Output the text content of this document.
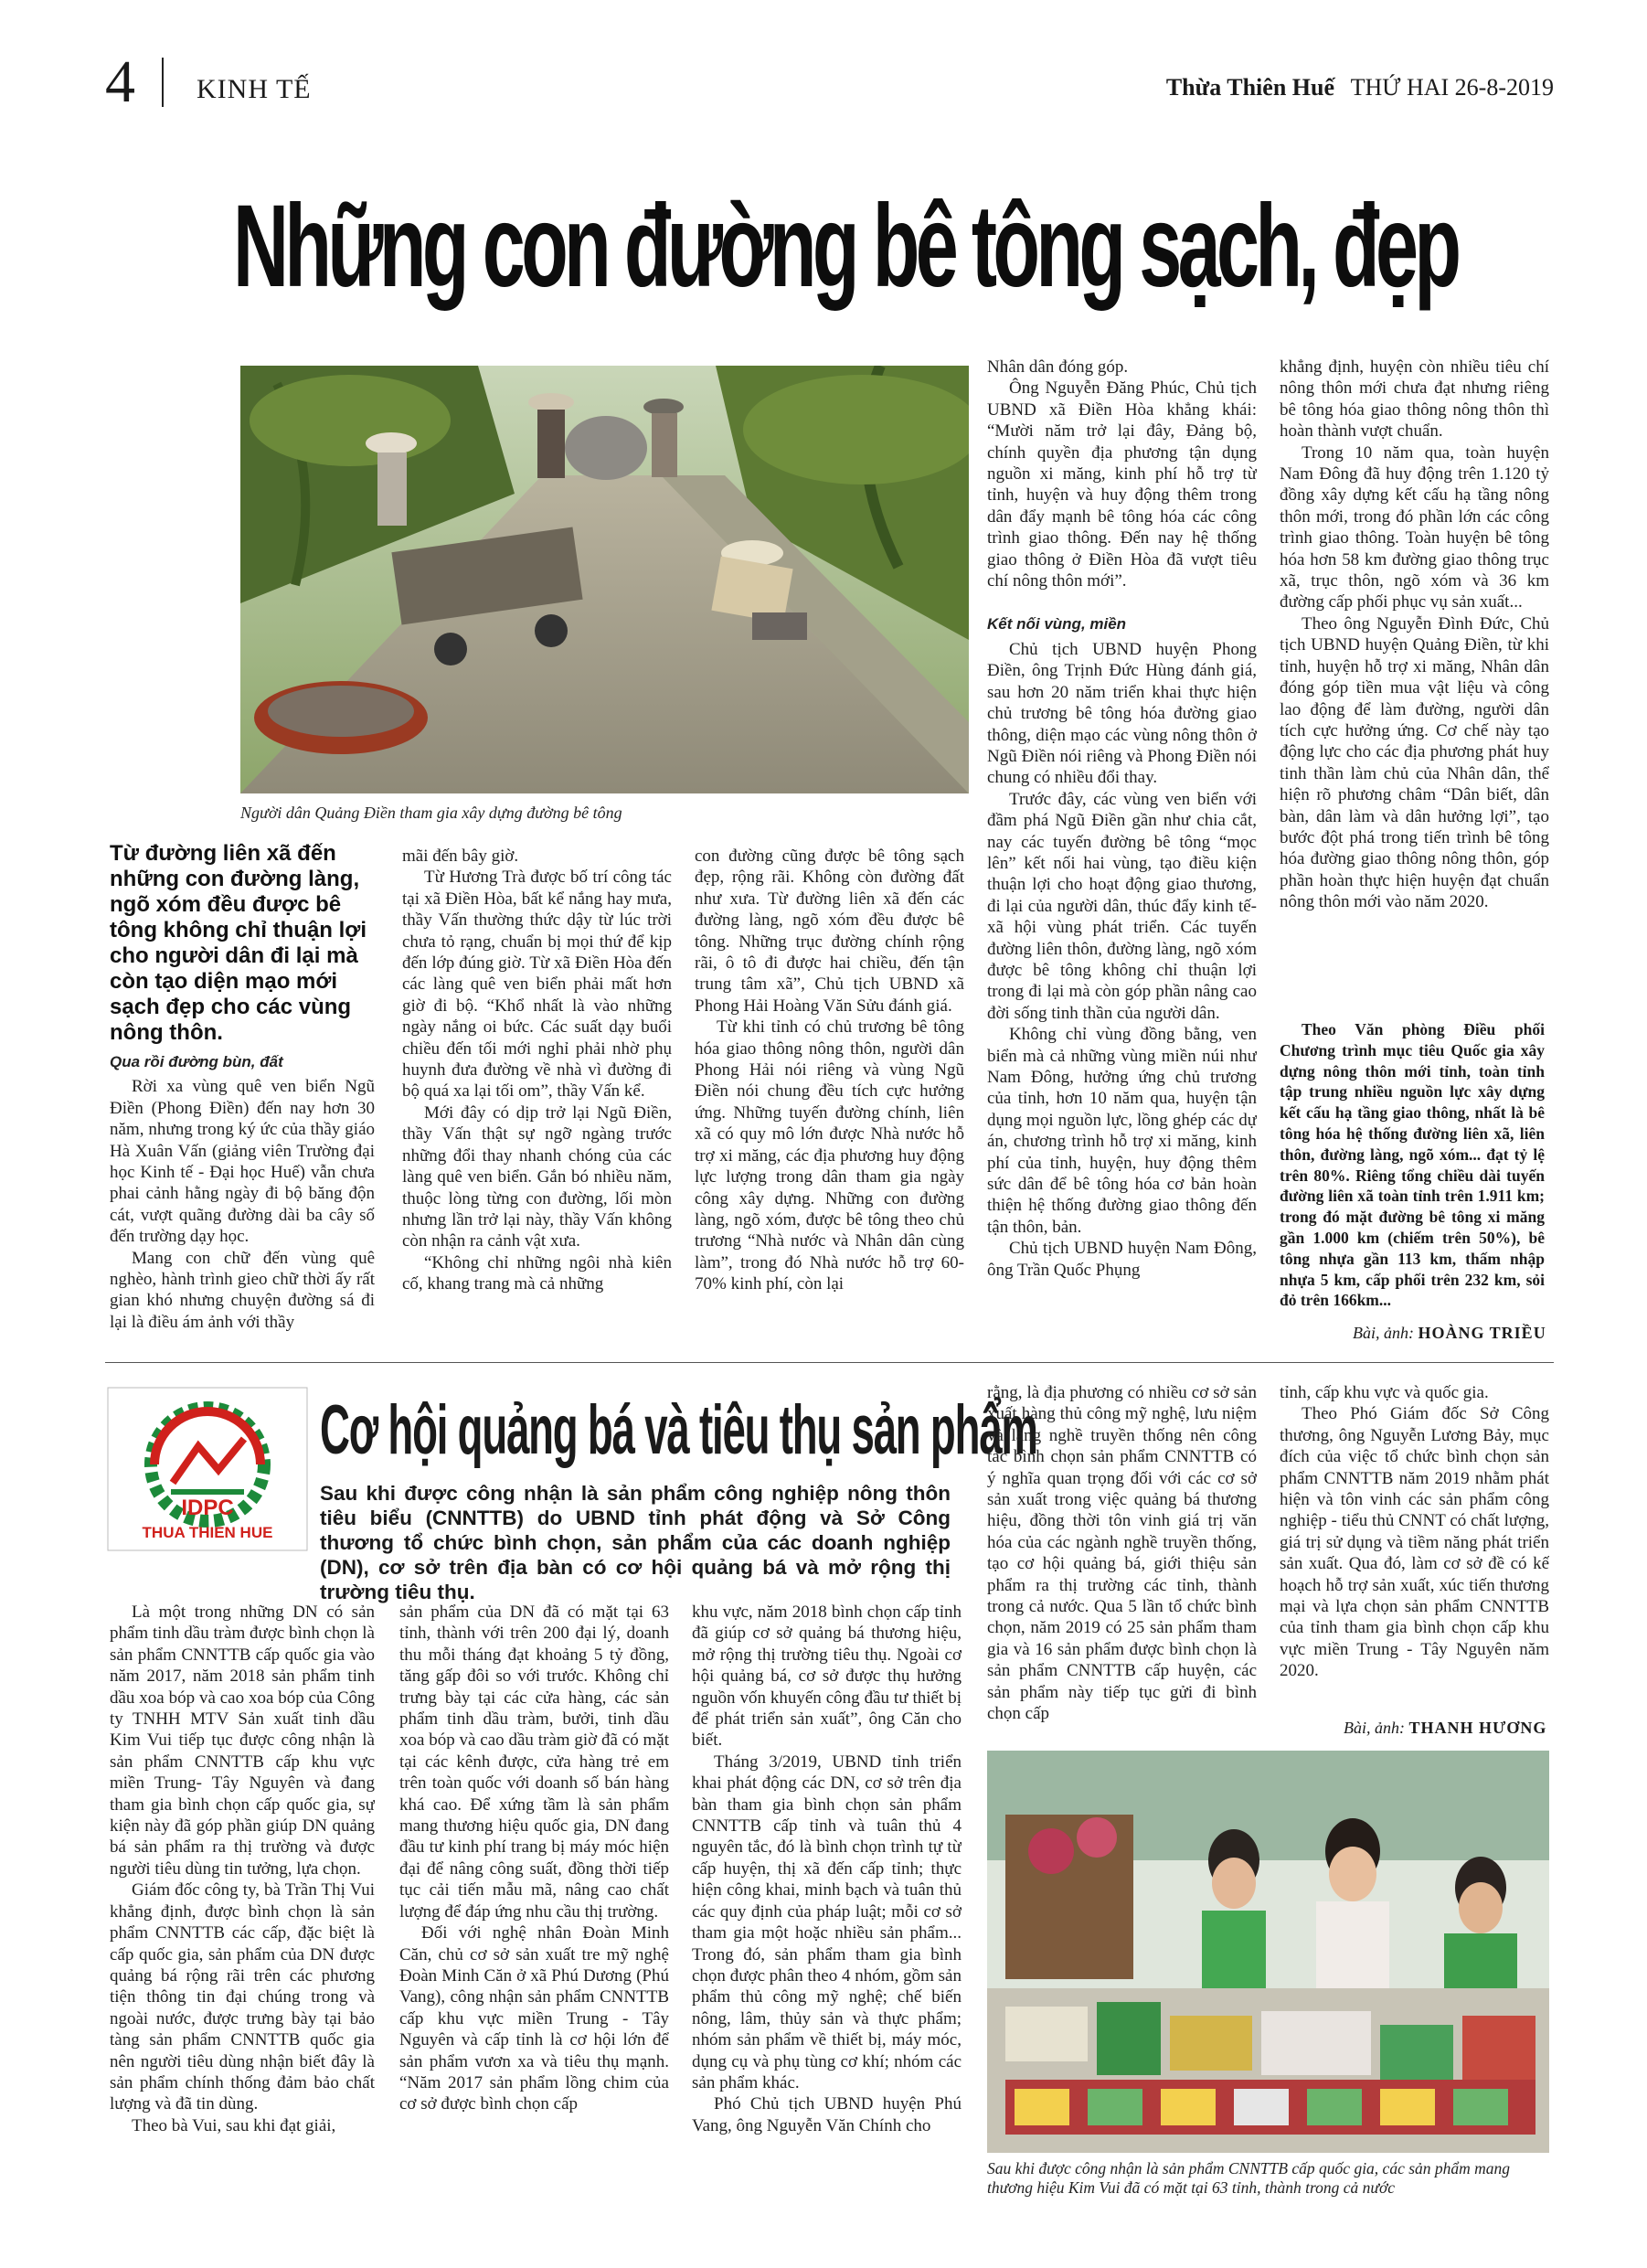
4 KINH TẾ	Thừa Thiên Huế THỨ HAI 26-8-2019
Những con đường bê tông sạch, đẹp
Người dân Quảng Điền tham gia xây dựng đường bê tông
Từ đường liên xã đến những con đường làng, ngõ xóm đều được bê tông không chỉ thuận lợi cho người dân đi lại mà còn tạo diện mạo mới sạch đẹp cho các vùng nông thôn.

Qua rồi đường bùn, đất

Rời xa vùng quê ven biển Ngũ Điền (Phong Điền) đến nay hơn 30 năm, nhưng trong ký ức của thầy giáo Hà Xuân Vấn (giảng viên Trường đại học Kinh tế - Đại học Huế) vẫn chưa phai cảnh hằng ngày đi bộ băng độn cát, vượt quãng đường dài ba cây số đến trường dạy học.

Mang con chữ đến vùng quê nghèo, hành trình gieo chữ thời ấy rất gian khó nhưng chuyện đường sá đi lại là điều ám ảnh với thầy

mãi đến bây giờ.

Từ Hương Trà được bố trí công tác tại xã Điền Hòa, bất kể nắng hay mưa, thầy Vấn thường thức dậy từ lúc trời chưa tỏ rạng, chuẩn bị mọi thứ để kịp đến lớp đúng giờ. Từ xã Điền Hòa đến các làng quê ven biển phải mất hơn giờ đi bộ. “Khổ nhất là vào những ngày nắng oi bức. Các suất dạy buổi chiều đến tối mới nghỉ phải nhờ phụ huynh đưa đường về nhà vì đường đi bộ quá xa lại tối om”, thầy Vấn kể.

Mới đây có dịp trở lại Ngũ Điền, thầy Vấn thật sự ngỡ ngàng trước những đổi thay nhanh chóng của các làng quê ven biển. Gắn bó nhiều năm, thuộc lòng từng con đường, lối mòn nhưng lần trở lại này, thầy Vấn không còn nhận ra cảnh vật xưa.

“Không chỉ những ngôi nhà kiên cố, khang trang mà cả những

con đường cũng được bê tông sạch đẹp, rộng rãi. Không còn đường đất như xưa. Từ đường liên xã đến các đường làng, ngõ xóm đều được bê tông. Những trục đường chính rộng rãi, ô tô đi được hai chiều, đến tận trung tâm xã”, Chủ tịch UBND xã Phong Hải Hoàng Văn Sửu đánh giá.

Từ khi tỉnh có chủ trương bê tông hóa giao thông nông thôn, người dân Phong Hải nói riêng và vùng Ngũ Điền nói chung đều tích cực hưởng ứng. Những tuyến đường chính, liên xã có quy mô lớn được Nhà nước hỗ trợ xi măng, các địa phương huy động lực lượng trong dân tham gia ngày công xây dựng. Những con đường làng, ngõ xóm, được bê tông theo chủ trương “Nhà nước và Nhân dân cùng làm”, trong đó Nhà nước hỗ trợ 60-70% kinh phí, còn lại

Nhân dân đóng góp.

Ông Nguyễn Đăng Phúc, Chủ tịch UBND xã Điền Hòa khẳng khái: “Mười năm trở lại đây, Đảng bộ, chính quyền địa phương tận dụng nguồn xi măng, kinh phí hỗ trợ từ tỉnh, huyện và huy động thêm trong dân đẩy mạnh bê tông hóa các công trình giao thông. Đến nay hệ thống giao thông ở Điền Hòa đã vượt tiêu chí nông thôn mới”.

Kết nối vùng, miền

Chủ tịch UBND huyện Phong Điền, ông Trịnh Đức Hùng đánh giá, sau hơn 20 năm triển khai thực hiện chủ trương bê tông hóa đường giao thông, diện mạo các vùng nông thôn ở Ngũ Điền nói riêng và Phong Điền nói chung có nhiều đổi thay.

Trước đây, các vùng ven biển với đầm phá Ngũ Điền gần như chia cắt, nay các tuyến đường bê tông “mọc lên” kết nối hai vùng, tạo điều kiện thuận lợi cho hoạt động giao thương, đi lại của người dân, thúc đẩy kinh tế-xã hội vùng phát triển. Các tuyến đường liên thôn, đường làng, ngõ xóm được bê tông không chỉ thuận lợi trong đi lại mà còn góp phần nâng cao đời sống tinh thần của người dân.

Không chỉ vùng đồng bằng, ven biển mà cả những vùng miền núi như Nam Đông, hưởng ứng chủ trương của tỉnh, hơn 10 năm qua, huyện tận dụng mọi nguồn lực, lồng ghép các dự án, chương trình hỗ trợ xi măng, kinh phí của tỉnh, huyện, huy động thêm sức dân để bê tông hóa cơ bản hoàn thiện hệ thống đường giao thông đến tận thôn, bản.

Chủ tịch UBND huyện Nam Đông, ông Trần Quốc Phụng

khẳng định, huyện còn nhiều tiêu chí nông thôn mới chưa đạt nhưng riêng bê tông hóa giao thông nông thôn thì hoàn thành vượt chuẩn.

Trong 10 năm qua, toàn huyện Nam Đông đã huy động trên 1.120 tỷ đồng xây dựng kết cấu hạ tầng nông thôn mới, trong đó phần lớn các công trình giao thông. Toàn huyện bê tông hóa hơn 58 km đường giao thông trục xã, trục thôn, ngõ xóm và 36 km đường cấp phối phục vụ sản xuất...

Theo ông Nguyễn Đình Đức, Chủ tịch UBND huyện Quảng Điền, từ khi tỉnh, huyện hỗ trợ xi măng, Nhân dân đóng góp tiền mua vật liệu và công lao động để làm đường, người dân tích cực hưởng ứng. Cơ chế này tạo động lực cho các địa phương phát huy tinh thần làm chủ của Nhân dân, thể hiện rõ phương châm “Dân biết, dân bàn, dân làm và dân hưởng lợi”, tạo bước đột phá trong tiến trình bê tông hóa đường giao thông nông thôn, góp phần hoàn thực hiện huyện đạt chuẩn nông thôn mới vào năm 2020.

Theo Văn phòng Điều phối Chương trình mục tiêu Quốc gia xây dựng nông thôn mới tỉnh, toàn tỉnh tập trung nhiều nguồn lực xây dựng kết cấu hạ tầng giao thông, nhất là bê tông hóa hệ thống đường liên xã, liên thôn, đường làng, ngõ xóm... đạt tỷ lệ trên 80%. Riêng tổng chiều dài tuyến đường liên xã toàn tỉnh trên 1.911 km; trong đó mặt đường bê tông xi măng gần 1.000 km (chiếm trên 50%), bê tông nhựa gần 113 km, thấm nhập nhựa 5 km, cấp phối trên 232 km, sỏi đỏ trên 166km...

Bài, ảnh: HOÀNG TRIỀU
IDPC
THUA THIEN HUE
Cơ hội quảng bá và tiêu thụ sản phẩm
Sau khi được công nhận là sản phẩm công nghiệp nông thôn tiêu biểu (CNNTTB) do UBND tỉnh phát động và Sở Công thương tổ chức bình chọn, sản phẩm của các doanh nghiệp (DN), cơ sở trên địa bàn có cơ hội quảng bá và mở rộng thị trường tiêu thụ.

Là một trong những DN có sản phẩm tinh dầu tràm được bình chọn là sản phẩm CNNTTB cấp quốc gia vào năm 2017, năm 2018 sản phẩm tinh dầu xoa bóp và cao xoa bóp của Công ty TNHH MTV Sản xuất tinh dầu Kim Vui tiếp tục được công nhận là sản phẩm CNNTTB cấp khu vực miền Trung- Tây Nguyên và đang tham gia bình chọn cấp quốc gia, sự kiện này đã góp phần giúp DN quảng bá sản phẩm ra thị trường và được người tiêu dùng tin tưởng, lựa chọn.

Giám đốc công ty, bà Trần Thị Vui khẳng định, được bình chọn là sản phẩm CNNTTB các cấp, đặc biệt là cấp quốc gia, sản phẩm của DN được quảng bá rộng rãi trên các phương tiện thông tin đại chúng trong và ngoài nước, được trưng bày tại bảo tàng sản phẩm CNNTTB quốc gia nên người tiêu dùng nhận biết đây là sản phẩm chính thống đảm bảo chất lượng và đã tin dùng.

Theo bà Vui, sau khi đạt giải,

sản phẩm của DN đã có mặt tại 63 tỉnh, thành với trên 200 đại lý, doanh thu mỗi tháng đạt khoảng 5 tỷ đồng, tăng gấp đôi so với trước. Không chỉ trưng bày tại các cửa hàng, các sản phẩm tinh dầu tràm, bưởi, tinh dầu xoa bóp và cao dầu tràm giờ đã có mặt tại các kênh được, cửa hàng trẻ em trên toàn quốc với doanh số bán hàng khá cao. Để xứng tầm là sản phẩm mang thương hiệu quốc gia, DN đang đầu tư kinh phí trang bị máy móc hiện đại để nâng công suất, đồng thời tiếp tục cải tiến mẫu mã, nâng cao chất lượng để đáp ứng nhu cầu thị trường.

Đối với nghệ nhân Đoàn Minh Căn, chủ cơ sở sản xuất tre mỹ nghệ Đoàn Minh Căn ở xã Phú Dương (Phú Vang), công nhận sản phẩm CNNTTB cấp khu vực miền Trung - Tây Nguyên và cấp tỉnh là cơ hội lớn để sản phẩm vươn xa và tiêu thụ mạnh. “Năm 2017 sản phẩm lồng chim của cơ sở được bình chọn cấp

khu vực, năm 2018 bình chọn cấp tỉnh đã giúp cơ sở quảng bá thương hiệu, mở rộng thị trường tiêu thụ. Ngoài cơ hội quảng bá, cơ sở được thụ hưởng nguồn vốn khuyến công đầu tư thiết bị để phát triển sản xuất”, ông Căn cho biết.

Tháng 3/2019, UBND tỉnh triển khai phát động các DN, cơ sở trên địa bàn tham gia bình chọn sản phẩm CNNTTB cấp tỉnh và tuân thủ 4 nguyên tắc, đó là bình chọn trình tự từ cấp huyện, thị xã đến cấp tỉnh; thực hiện công khai, minh bạch và tuân thủ các quy định của pháp luật; mỗi cơ sở tham gia một hoặc nhiều sản phẩm... Trong đó, sản phẩm tham gia bình chọn được phân theo 4 nhóm, gồm sản phẩm thủ công mỹ nghệ; chế biến nông, lâm, thủy sản và thực phẩm; nhóm sản phẩm về thiết bị, máy móc, dụng cụ và phụ tùng cơ khí; nhóm các sản phẩm khác.

Phó Chủ tịch UBND huyện Phú Vang, ông Nguyễn Văn Chính cho

rằng, là địa phương có nhiều cơ sở sản xuất hàng thủ công mỹ nghệ, lưu niệm và làng nghề truyền thống nên công tác bình chọn sản phẩm CNNTTB có ý nghĩa quan trọng đối với các cơ sở sản xuất trong việc quảng bá thương hiệu, đồng thời tôn vinh giá trị văn hóa của các ngành nghề truyền thống, tạo cơ hội quảng bá, giới thiệu sản phẩm ra thị trường các tỉnh, thành trong cả nước. Qua 5 lần tổ chức bình chọn, năm 2019 có 25 sản phẩm tham gia và 16 sản phẩm được bình chọn là sản phẩm CNNTTB cấp huyện, các sản phẩm này tiếp tục gửi đi bình chọn cấp

tỉnh, cấp khu vực và quốc gia.

Theo Phó Giám đốc Sở Công thương, ông Nguyễn Lương Bảy, mục đích của việc tổ chức bình chọn sản phẩm CNNTTB năm 2019 nhằm phát hiện và tôn vinh các sản phẩm công nghiệp - tiểu thủ CNNT có chất lượng, giá trị sử dụng và tiềm năng phát triển sản xuất. Qua đó, làm cơ sở đề có kế hoạch hỗ trợ sản xuất, xúc tiến thương mại và lựa chọn sản phẩm CNNTTB của tỉnh tham gia bình chọn cấp khu vực miền Trung - Tây Nguyên năm 2020.

Bài, ảnh: THANH HƯƠNG
Sau khi được công nhận là sản phẩm CNNTTB cấp quốc gia, các sản phẩm mang thương hiệu Kim Vui đã có mặt tại 63 tỉnh, thành trong cả nước
